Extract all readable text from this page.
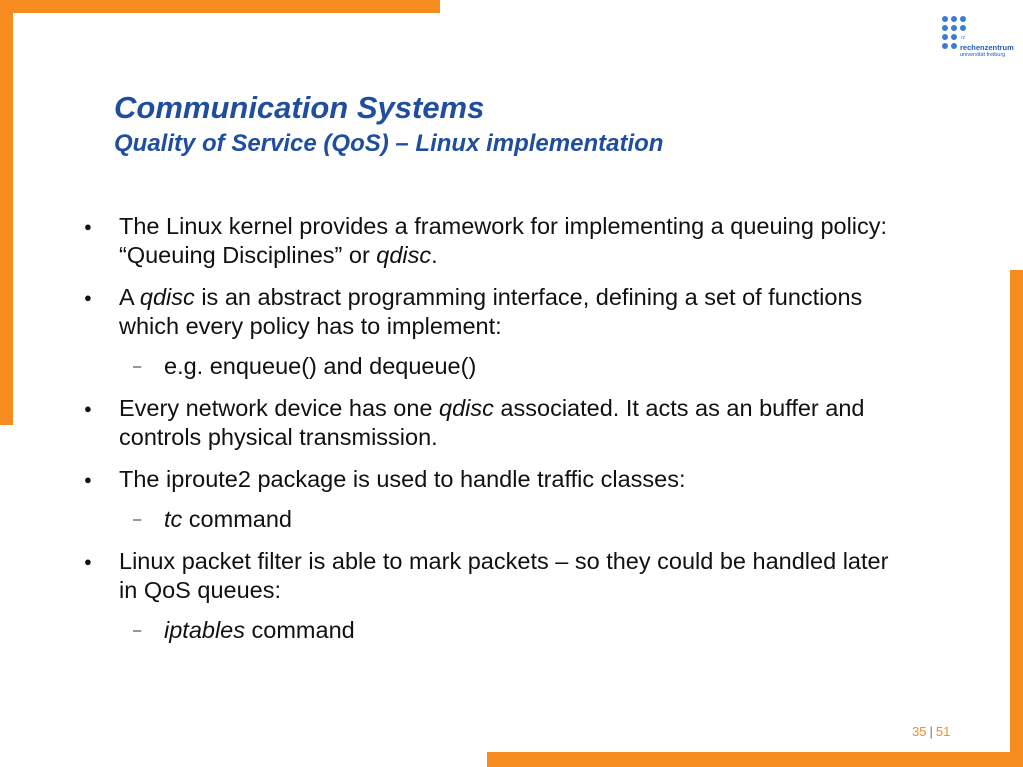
rz
rechenzentrum
universität freiburg
Communication Systems
Quality of Service (QoS) – Linux implementation
●	The Linux kernel provides a framework for implementing a queuing policy: “Queuing Disciplines” or qdisc.
●	A qdisc is an abstract programming interface, defining a set of functions which every policy has to implement:
– e.g. enqueue() and dequeue()
●	Every network device has one qdisc associated. It acts as an buffer and controls physical transmission.
●	The iproute2 package is used to handle traffic classes:
– tc command
●	Linux packet filter is able to mark packets – so they could be handled later in QoS queues:
– iptables command
35 | 51
